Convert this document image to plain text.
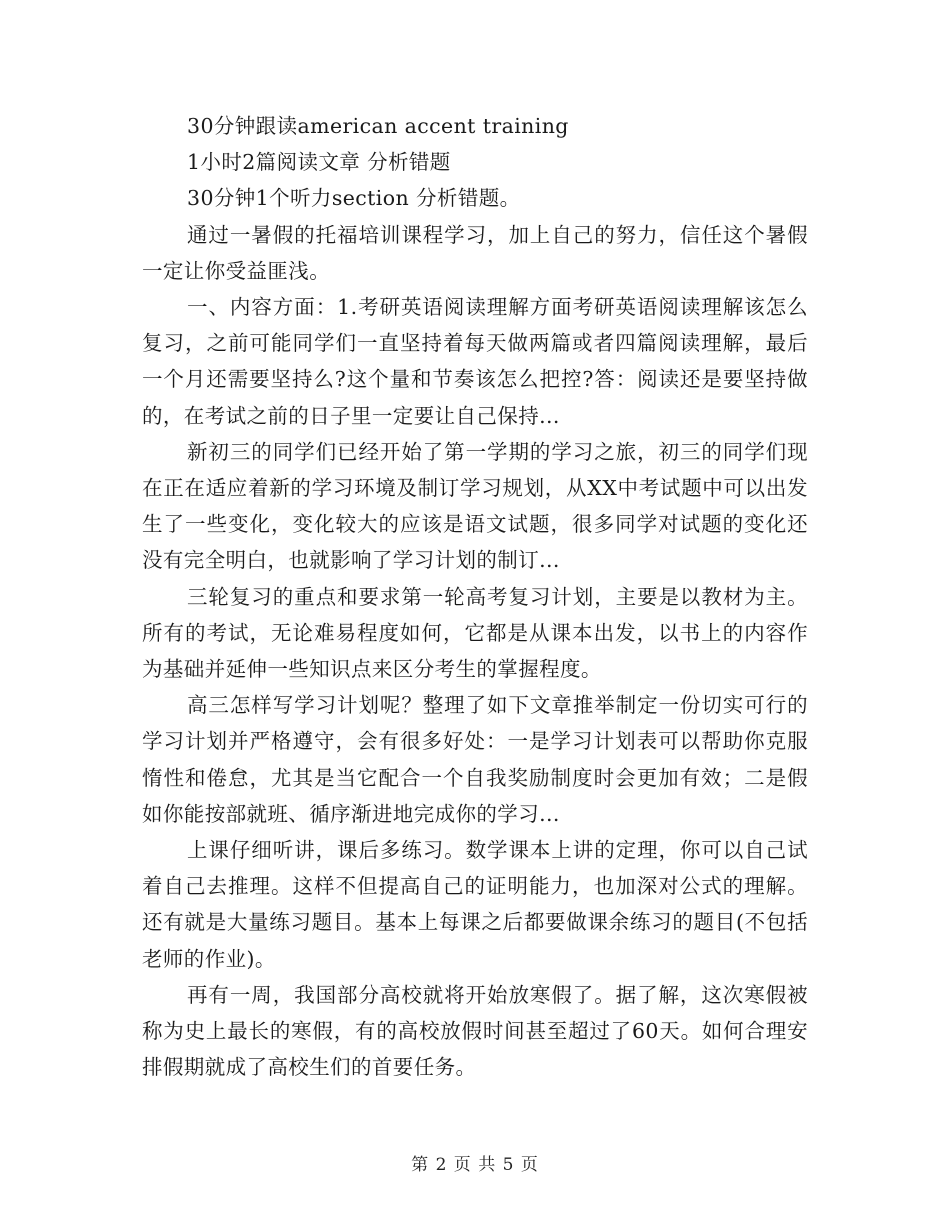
30分钟跟读american accent training

1小时2篇阅读文章 分析错题

30分钟1个听力section 分析错题。

通过一暑假的托福培训课程学习，加上自己的努力，信任这个暑假一定让你受益匪浅。

一、内容方面：1.考研英语阅读理解方面考研英语阅读理解该怎么复习，之前可能同学们一直坚持着每天做两篇或者四篇阅读理解，最后一个月还需要坚持么?这个量和节奏该怎么把控?答：阅读还是要坚持做的，在考试之前的日子里一定要让自己保持...

新初三的同学们已经开始了第一学期的学习之旅，初三的同学们现在正在适应着新的学习环境及制订学习规划，从XX中考试题中可以出发生了一些变化，变化较大的应该是语文试题，很多同学对试题的变化还没有完全明白，也就影响了学习计划的制订...

三轮复习的重点和要求第一轮高考复习计划，主要是以教材为主。所有的考试，无论难易程度如何，它都是从课本出发，以书上的内容作为基础并延伸一些知识点来区分考生的掌握程度。

高三怎样写学习计划呢？整理了如下文章推举制定一份切实可行的学习计划并严格遵守，会有很多好处：一是学习计划表可以帮助你克服惰性和倦怠，尤其是当它配合一个自我奖励制度时会更加有效；二是假如你能按部就班、循序渐进地完成你的学习...

上课仔细听讲，课后多练习。数学课本上讲的定理，你可以自己试着自己去推理。这样不但提高自己的证明能力，也加深对公式的理解。还有就是大量练习题目。基本上每课之后都要做课余练习的题目(不包括老师的作业)。

再有一周，我国部分高校就将开始放寒假了。据了解，这次寒假被称为史上最长的寒假，有的高校放假时间甚至超过了60天。如何合理安排假期就成了高校生们的首要任务。

第 2 页 共 5 页
